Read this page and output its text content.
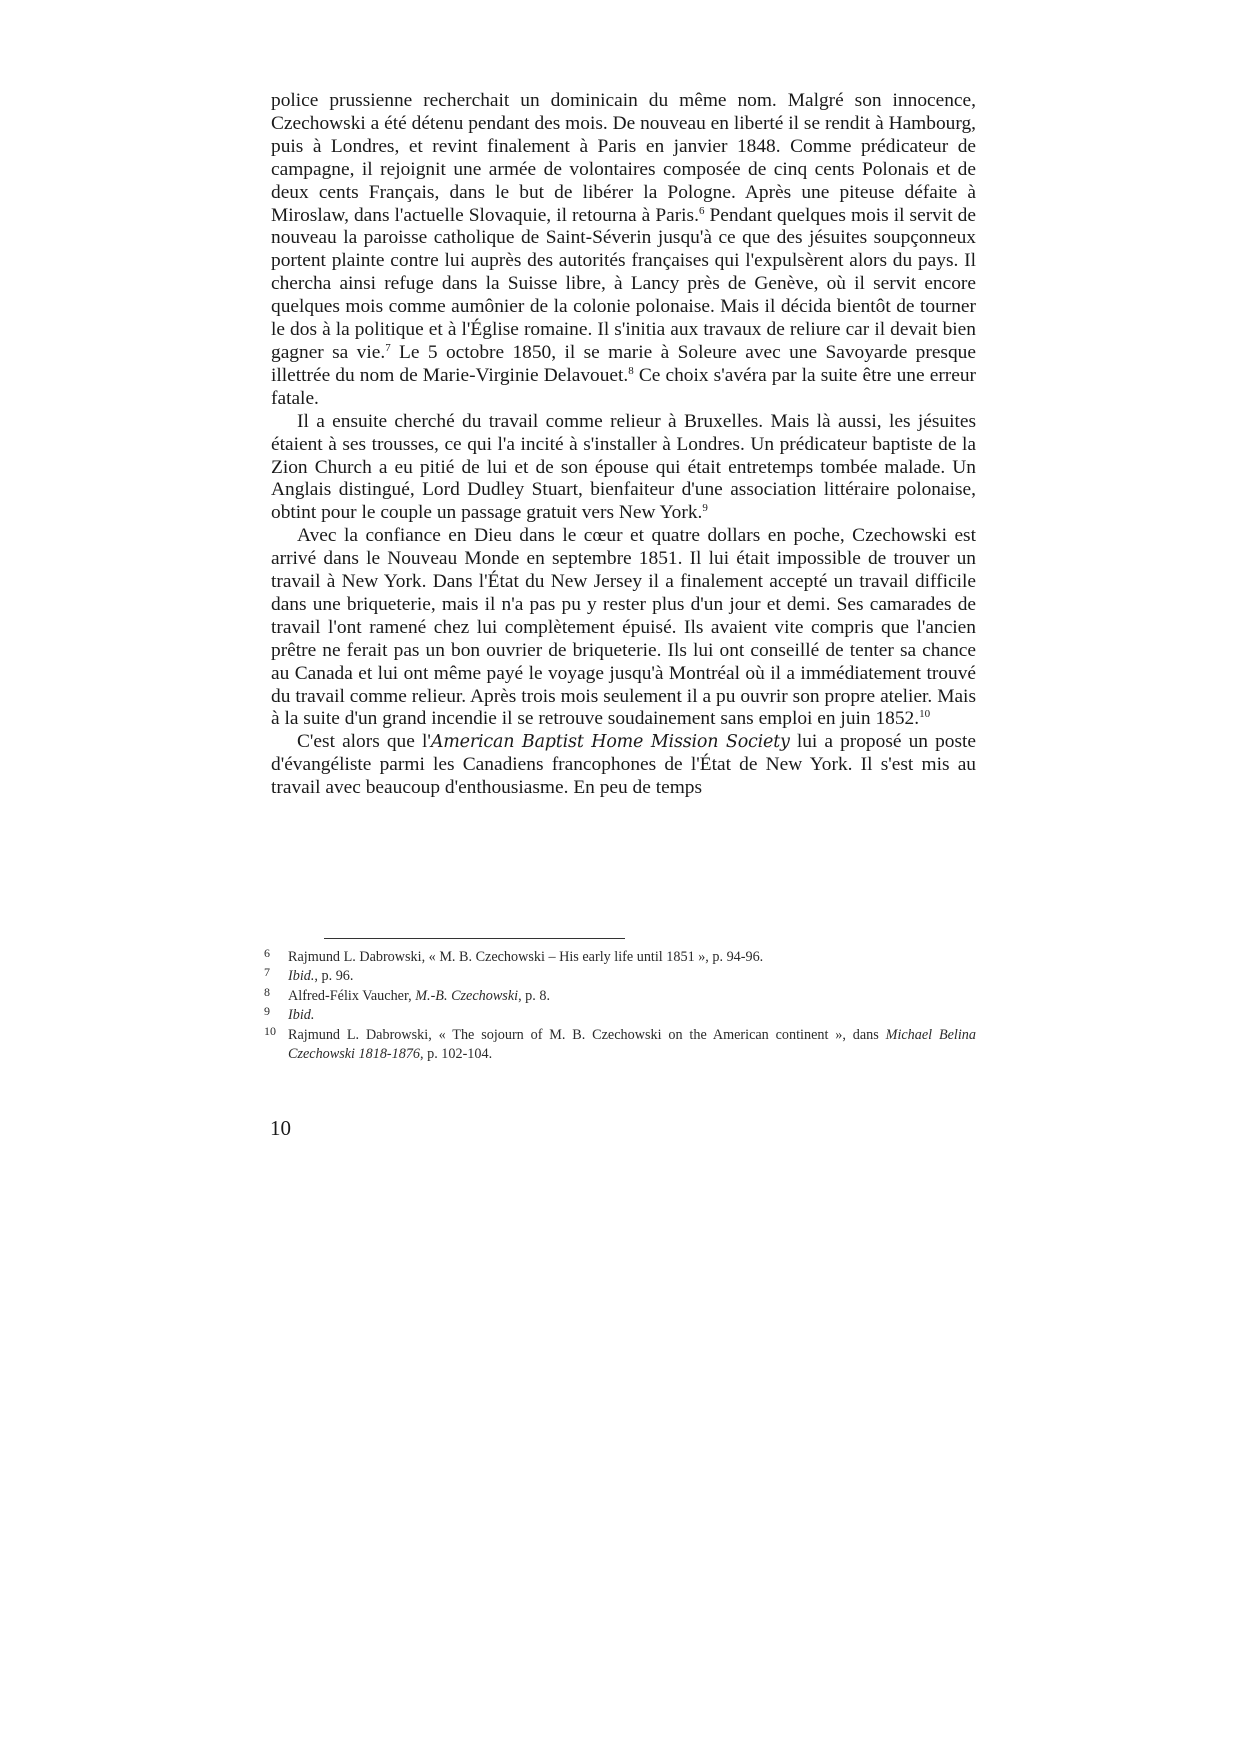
police prussienne recherchait un dominicain du même nom. Malgré son innocence, Czechowski a été détenu pendant des mois. De nouveau en liberté il se rendit à Hambourg, puis à Londres, et revint finalement à Paris en janvier 1848. Comme prédicateur de campagne, il rejoignit une armée de volontaires composée de cinq cents Polonais et de deux cents Français, dans le but de libérer la Pologne. Après une piteuse défaite à Miroslaw, dans l'actuelle Slovaquie, il retourna à Paris.$^6$ Pendant quelques mois il servit de nouveau la paroisse catholique de Saint-Séverin jusqu'à ce que des jésuites soupçonneux portent plainte contre lui auprès des autorités françaises qui l'expulsèrent alors du pays. Il chercha ainsi refuge dans la Suisse libre, à Lancy près de Genève, où il servit encore quelques mois comme aumônier de la colonie polonaise. Mais il décida bientôt de tourner le dos à la politique et à l'Église romaine. Il s'initia aux travaux de reliure car il devait bien gagner sa vie.$^7$ Le 5 octobre 1850, il se marie à Soleure avec une Savoyarde presque illettrée du nom de Marie-Virginie Delavouet.$^8$ Ce choix s'avéra par la suite être une erreur fatale.

Il a ensuite cherché du travail comme relieur à Bruxelles. Mais là aussi, les jésuites étaient à ses trousses, ce qui l'a incité à s'installer à Londres. Un prédicateur baptiste de la Zion Church a eu pitié de lui et de son épouse qui était entretemps tombée malade. Un Anglais distingué, Lord Dudley Stuart, bienfaiteur d'une association littéraire polonaise, obtint pour le couple un passage gratuit vers New York.$^9$

Avec la confiance en Dieu dans le cœur et quatre dollars en poche, Czechowski est arrivé dans le Nouveau Monde en septembre 1851. Il lui était impossible de trouver un travail à New York. Dans l'État du New Jersey il a finalement accepté un travail difficile dans une briqueterie, mais il n'a pas pu y rester plus d'un jour et demi. Ses camarades de travail l'ont ramené chez lui complètement épuisé. Ils avaient vite compris que l'ancien prêtre ne ferait pas un bon ouvrier de briqueterie. Ils lui ont conseillé de tenter sa chance au Canada et lui ont même payé le voyage jusqu'à Montréal où il a immédiatement trouvé du travail comme relieur. Après trois mois seulement il a pu ouvrir son propre atelier. Mais à la suite d'un grand incendie il se retrouve soudainement sans emploi en juin 1852.10

C'est alors que l'American Baptist Home Mission Society lui a proposé un poste d'évangéliste parmi les Canadiens francophones de l'État de New York. Il s'est mis au travail avec beaucoup d'enthousiasme. En peu de temps

6 Rajmund L. Dabrowski, « M. B. Czechowski – His early life until 1851 », p. 94-96.
7 Ibid., p. 96.
8 Alfred-Félix Vaucher, M.-B. Czechowski, p. 8.
9 Ibid.
10 Rajmund L. Dabrowski, « The sojourn of M. B. Czechowski on the American continent », dans Michael Belina Czechowski 1818-1876, p. 102-104.
10
